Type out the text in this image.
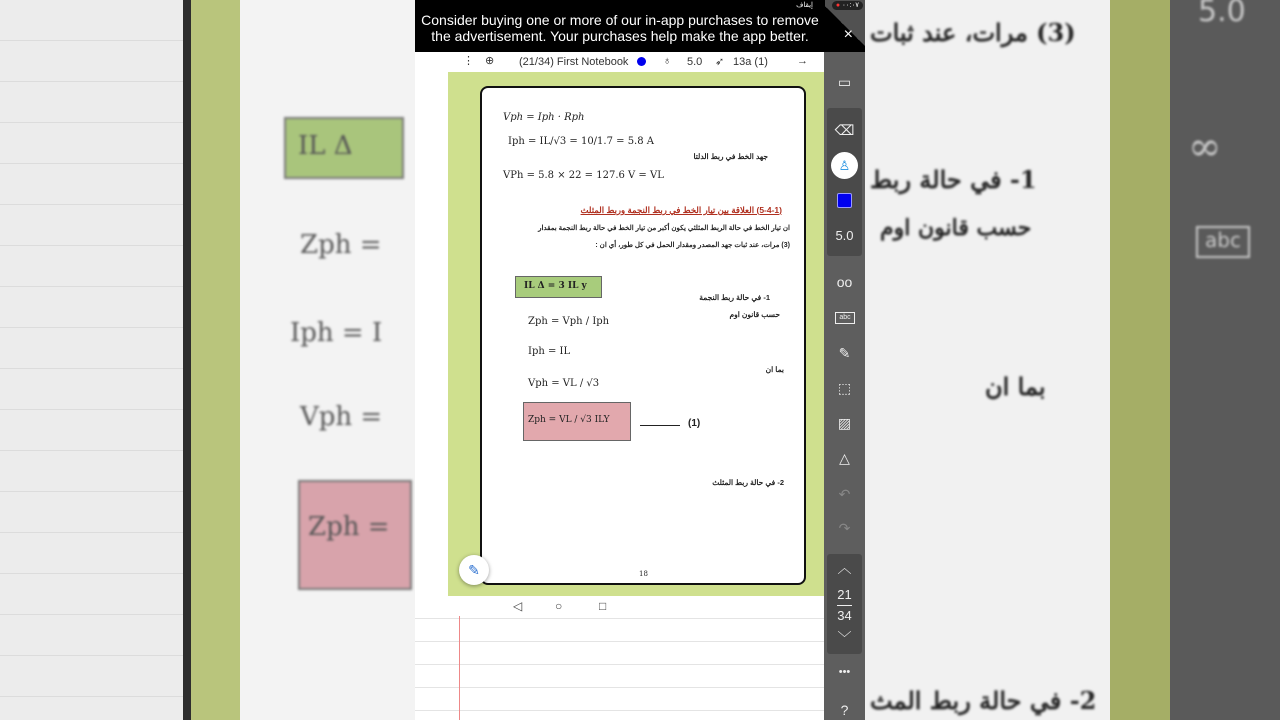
IL Δ
Zph =
Iph = I
Vph =
Zph =
(3) مرات، عند ثبات
1- في حالة ربط
حسب قانون اوم
بما ان
2- في حالة ربط المث
5.0
abc
∞
Vph = Iph · Rph
Iph = IL/√3 = 10/1.7 = 5.8 A
VPh = 5.8 × 22 = 127.6 V = VL
جهد الخط في ربط الدلتا
(5-4-1) العلاقة بين تيار الخط في ربط النجمة وربط المثلث
ان تيار الخط في حالة الربط المثلثي يكون أكبر من تيار الخط في حالة ربط النجمة بمقدار
(3) مرات، عند ثبات جهد المصدر ومقدار الحمل في كل طور، أي ان :
IL Δ = 3 IL y
1- في حالة ربط النجمة
حسب قانون اوم
Zph = Vph / Iph
Iph = IL
بما ان
Vph = VL / √3
Zph = VL / √3 ILY	(1)
2- في حالة ربط المثلث
18
✎
◁	○	□
⋮ ⊕ (21/34) First Notebook	♁ 5.0 ➶ 13a (1)	→
Consider buying one or more of our in-app purchases to remove
the advertisement. Your purchases help make the app better.	×
● ٠٠:٠٧
إيقاف
▭
⌫
♙
5.0
oo
abc
✎
⬚
▨
△
↶
↷
︿
21
34
﹀
•••
?
